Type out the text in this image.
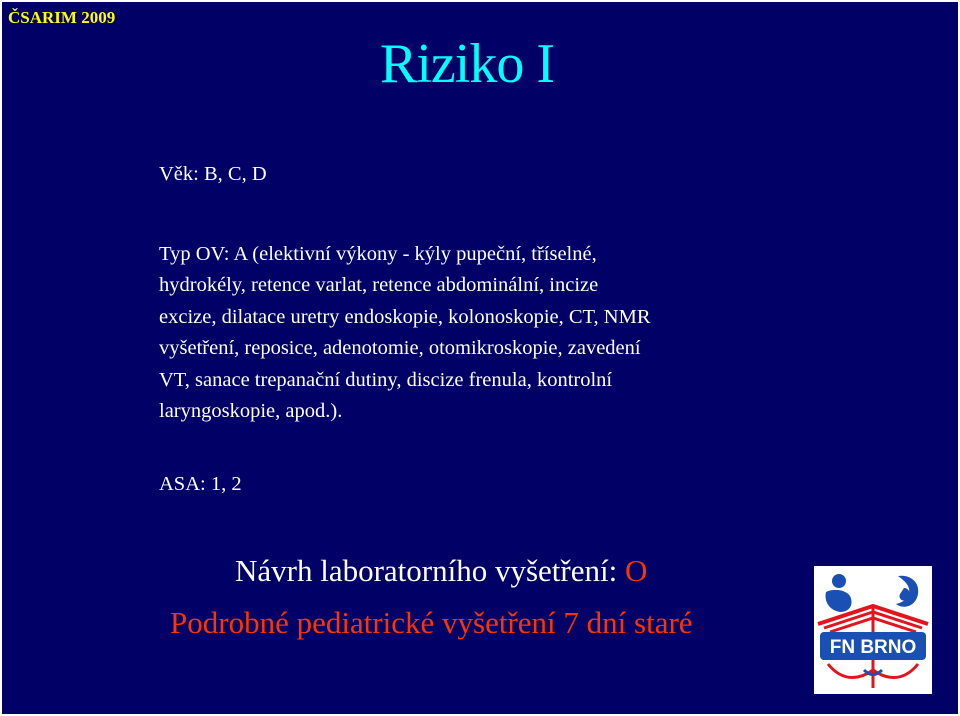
ČSARIM 2009
Riziko I
Věk: B, C, D
Typ OV: A (elektivní výkony - kýly pupeční, tříselné,
hydrokély, retence varlat, retence abdominální, incize
excize, dilatace uretry endoskopie, kolonoskopie, CT, NMR
vyšetření, reposice, adenotomie, otomikroskopie, zavedení
VT, sanace trepanační dutiny, discize frenula, kontrolní
laryngoskopie, apod.).
ASA: 1, 2
Návrh laboratorního vyšetření: O
Podrobné pediatrické vyšetření 7 dní staré
FN BRNO
